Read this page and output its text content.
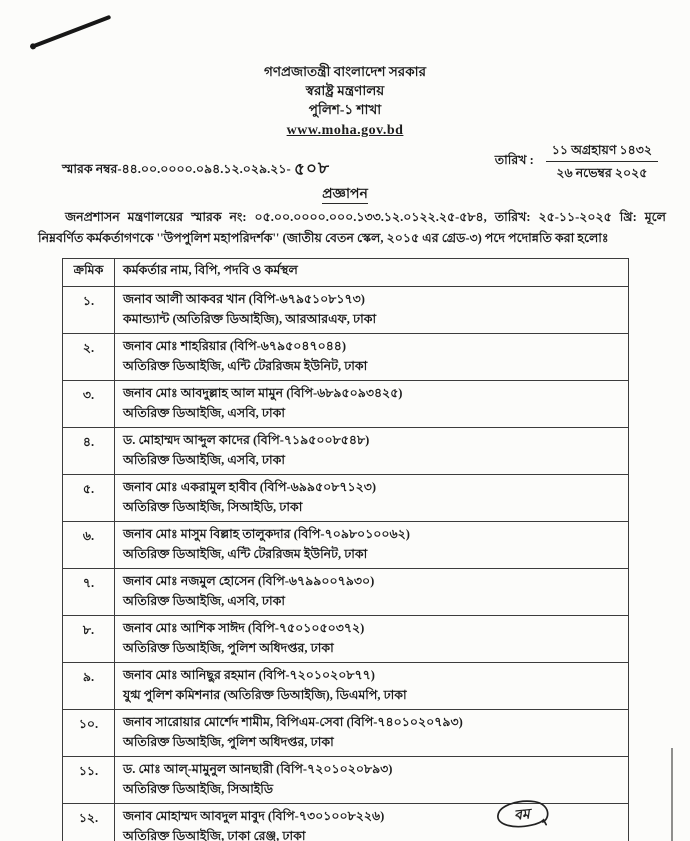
গণপ্রজাতন্ত্রী বাংলাদেশ সরকার
স্বরাষ্ট্র মন্ত্রণালয়
পুলিশ-১ শাখা
www.moha.gov.bd
স্মারক নম্বর-৪৪.০০.০০০০.০৯৪.১২.০২৯.২১- ৫০৮	তারিখ : $\frac{\text{১১ অগ্রহায়ণ ১৪৩২}}{\text{২৬ নভেম্বর ২০২৫}}$
প্রজ্ঞাপন
জনপ্রশাসন মন্ত্রণালয়ের স্মারক নং: ০৫.০০.০০০০.০০০.১৩৩.১২.০১২২.২৫-৫৮৪, তারিখ: ২৫-১১-২০২৫ খ্রি: মূলে নিম্নবর্ণিত কর্মকর্তাগণকে ''উপপুলিশ মহাপরিদর্শক'' (জাতীয় বেতন স্কেল, ২০১৫ এর গ্রেড-৩) পদে পদোন্নতি করা হলোঃ
ক্রমিক	কর্মকর্তার নাম, বিপি, পদবি ও কর্মস্থল
১.	জনাব আলী আকবর খান (বিপি-৬৭৯৫১০৮১৭৩)
কমান্ড্যান্ট (অতিরিক্ত ডিআইজি), আরআরএফ, ঢাকা

২.	জনাব মোঃ শাহরিয়ার (বিপি-৬৭৯৫০৪৭০৪৪)
অতিরিক্ত ডিআইজি, এন্টি টেররিজম ইউনিট, ঢাকা

৩.	জনাব মোঃ আবদুল্লাহ আল মামুন (বিপি-৬৮৯৫০৯৩৪২৫)
অতিরিক্ত ডিআইজি, এসবি, ঢাকা

৪.	ড. মোহাম্মদ আব্দুল কাদের (বিপি-৭১৯৫০০৮৫৪৮)
অতিরিক্ত ডিআইজি, এসবি, ঢাকা

৫.	জনাব মোঃ একরামুল হাবীব (বিপি-৬৯৯৫০৮৭১২৩)
অতিরিক্ত ডিআইজি, সিআইডি, ঢাকা

৬.	জনাব মোঃ মাসুম বিল্লাহ তালুকদার (বিপি-৭০৯৮০১০০৬২)
অতিরিক্ত ডিআইজি, এন্টি টেররিজম ইউনিট, ঢাকা

৭.	জনাব মোঃ নজমুল হোসেন (বিপি-৬৭৯৯০০৭৯৩০)
অতিরিক্ত ডিআইজি, এসবি, ঢাকা

৮.	জনাব মোঃ আশিক সাঈদ (বিপি-৭৫০১০৫০৩৭২)
অতিরিক্ত ডিআইজি, পুলিশ অধিদপ্তর, ঢাকা

৯.	জনাব মোঃ আনিছুর রহমান (বিপি-৭২০১০২০৮৭৭)
যুগ্ম পুলিশ কমিশনার (অতিরিক্ত ডিআইজি), ডিএমপি, ঢাকা

১০.	জনাব সারোয়ার মোর্শেদ শামীম, বিপিএম-সেবা (বিপি-৭৪০১০২০৭৯৩)
অতিরিক্ত ডিআইজি, পুলিশ অধিদপ্তর, ঢাকা

১১.	ড. মোঃ আল্-মামুনুল আনছারী (বিপি-৭২০১০২০৮৯৩)
অতিরিক্ত ডিআইজি, সিআইডি

১২.	জনাব মোহাম্মদ আবদুল মাবুদ (বিপি-৭৩০১০০৮২২৬)
অতিরিক্ত ডিআইজি, ঢাকা রেঞ্জ, ঢাকা
বম
